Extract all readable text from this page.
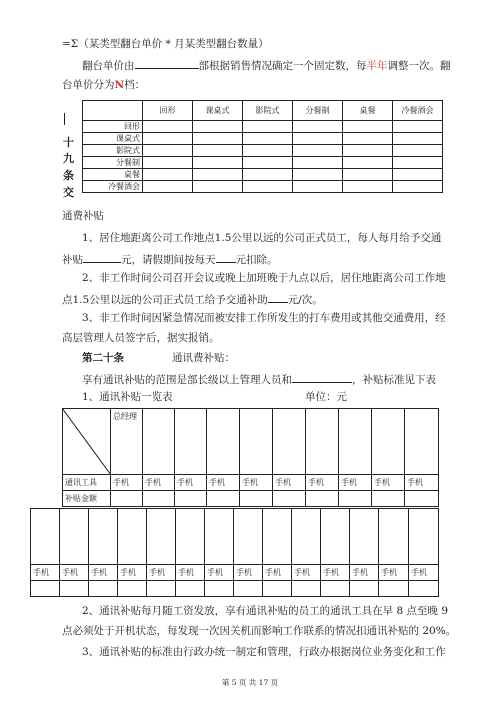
=Σ（某类型翻台单价 * 月某类型翻台数量）
翻台单价由	部根据销售情况确定一个固定数，每半年调整一次。翻
台单价分为N档：
十
九
条
交
	回形	课桌式	影院式	分餐制	桌餐	冷餐酒会
回形						
课桌式						
影院式						
分餐制						
桌餐						
冷餐酒会						
通费补贴
1、居住地距离公司工作地点1.5公里以远的公司正式员工，每人每月给予交通
补贴	元，请假期间按每天 元扣除。
2、非工作时间公司召开会议或晚上加班晚于九点以后，居住地距离公司工作地
点1.5公里以远的公司正式员工给予交通补助 元/次。
3、非工作时间因紧急情况而被安排工作所发生的打车费用或其他交通费用，经
高层管理人员签字后，据实报销。
第二十条	通讯费补贴：
享有通讯补贴的范围是部长级以上管理人员和	，补贴标准见下表
1、通讯补贴一览表	单位：元
	总经理									
通讯工具	手机	手机	手机	手机	手机	手机	手机	手机	手机	手机
补贴金额										

手机	手机	手机	手机	手机	手机	手机	手机	手机	手机	手机	手机	手机	手机

2、通讯补贴每月随工资发放，享有通讯补贴的员工的通讯工具在早 8 点至晚 9
点必须处于开机状态，每发现一次因关机而影响工作联系的情况扣通讯补贴的 20%。
3、通讯补贴的标准由行政办统一制定和管理，行政办根据岗位业务变化和工作
第 5 页 共 17 页
